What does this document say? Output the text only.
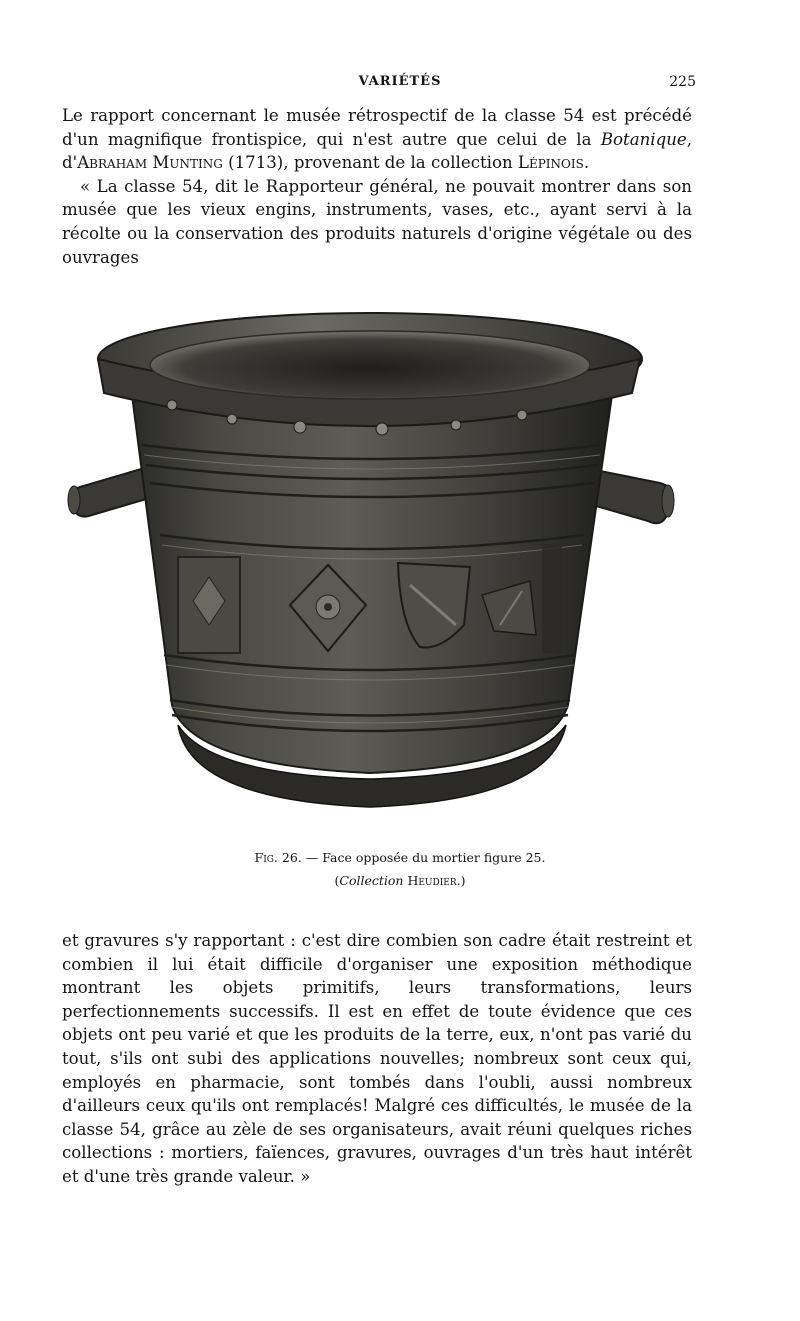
VARIÉTÉS	225

Le rapport concernant le musée rétrospectif de la classe 54 est précédé d'un magnifique frontispice, qui n'est autre que celui de la Botanique, d'Abraham Munting (1713), provenant de la collection Lépinois.

« La classe 54, dit le Rapporteur général, ne pouvait montrer dans son musée que les vieux engins, instruments, vases, etc., ayant servi à la récolte ou la conservation des produits naturels d'origine végétale ou des ouvrages

Fig. 26. — Face opposée du mortier figure 25.
(Collection Heudier.)

et gravures s'y rapportant : c'est dire combien son cadre était restreint et combien il lui était difficile d'organiser une exposition méthodique montrant les objets primitifs, leurs transformations, leurs perfectionnements successifs. Il est en effet de toute évidence que ces objets ont peu varié et que les produits de la terre, eux, n'ont pas varié du tout, s'ils ont subi des applications nouvelles; nombreux sont ceux qui, employés en pharmacie, sont tombés dans l'oubli, aussi nombreux d'ailleurs ceux qu'ils ont remplacés! Malgré ces difficultés, le musée de la classe 54, grâce au zèle de ses organisateurs, avait réuni quelques riches collections : mortiers, faïences, gravures, ouvrages d'un très haut intérêt et d'une très grande valeur. »
